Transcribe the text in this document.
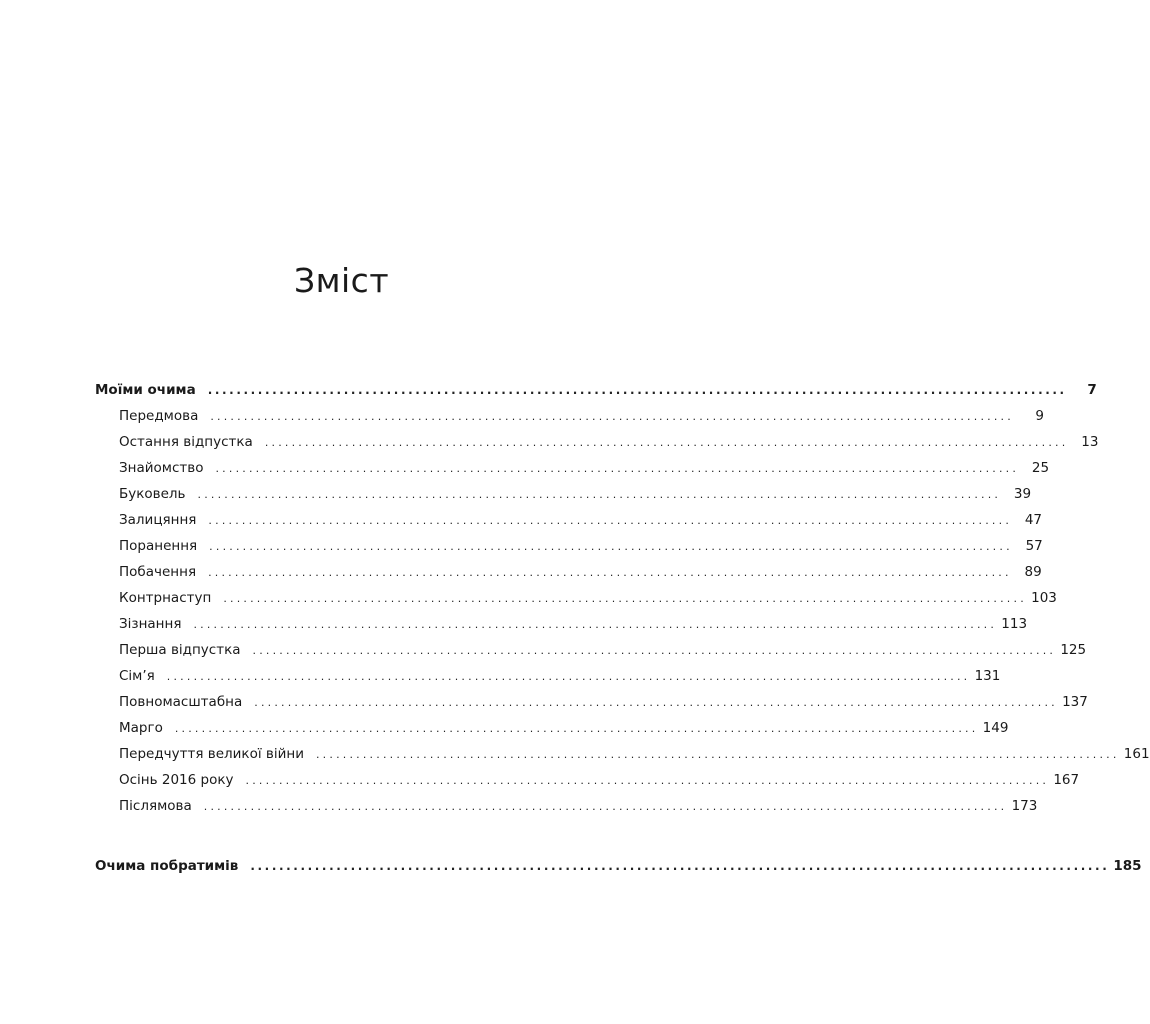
Зміст
Моїми очима	........................................................................................................................	7
Передмова	........................................................................................................................	9
Остання відпустка	........................................................................................................................ 13
Знайомство	........................................................................................................................ 25
Буковель	........................................................................................................................ 39
Залицяння	........................................................................................................................ 47
Поранення	........................................................................................................................ 57
Побачення	........................................................................................................................ 89
Контрнаступ	........................................................................................................................ 103
Зізнання	........................................................................................................................ 113
Перша відпустка	........................................................................................................................ 125
Сім’я	........................................................................................................................ 131
Повномасштабна	........................................................................................................................ 137
Марго	........................................................................................................................ 149
Передчуття великої війни	........................................................................................................................ 161
Осінь 2016 року	........................................................................................................................ 167
Післямова	........................................................................................................................ 173
Очима побратимів	........................................................................................................................ 185
